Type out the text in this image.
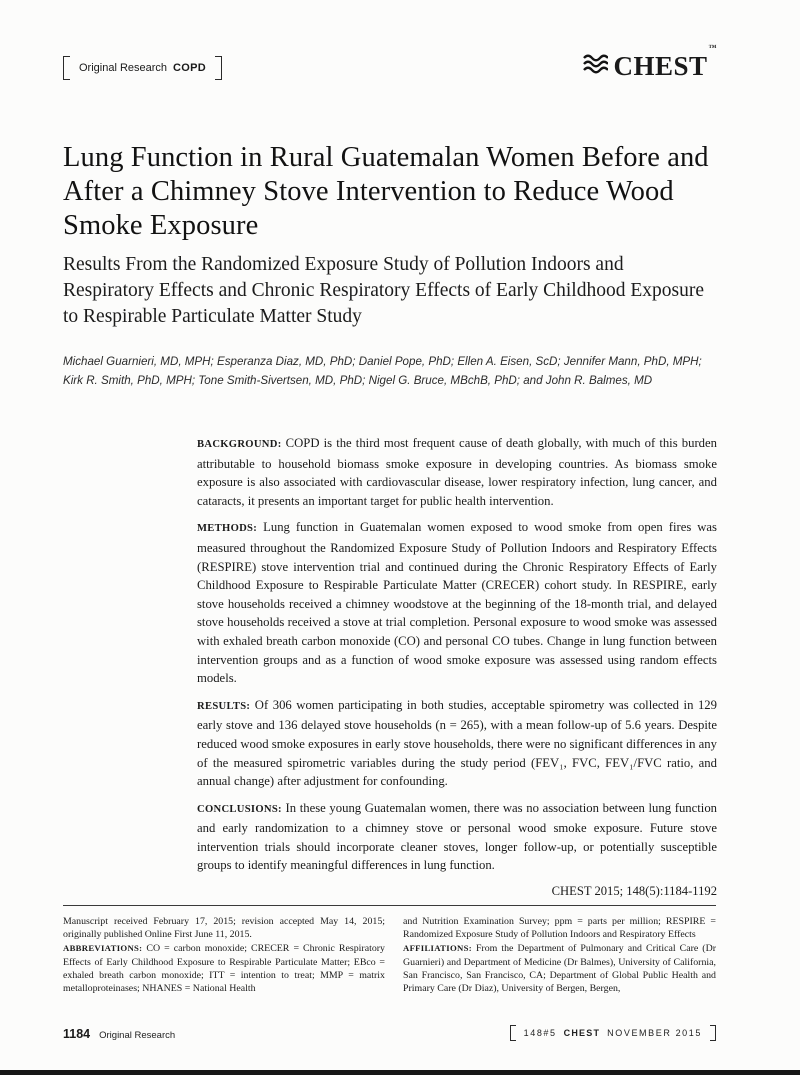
Original Research COPD	CHEST™
Lung Function in Rural Guatemalan Women Before and After a Chimney Stove Intervention to Reduce Wood Smoke Exposure
Results From the Randomized Exposure Study of Pollution Indoors and Respiratory Effects and Chronic Respiratory Effects of Early Childhood Exposure to Respirable Particulate Matter Study
Michael Guarnieri, MD, MPH; Esperanza Diaz, MD, PhD; Daniel Pope, PhD; Ellen A. Eisen, ScD; Jennifer Mann, PhD, MPH; Kirk R. Smith, PhD, MPH; Tone Smith-Sivertsen, MD, PhD; Nigel G. Bruce, MBchB, PhD; and John R. Balmes, MD

BACKGROUND: COPD is the third most frequent cause of death globally, with much of this burden attributable to household biomass smoke exposure in developing countries. As biomass smoke exposure is also associated with cardiovascular disease, lower respiratory infection, lung cancer, and cataracts, it presents an important target for public health intervention.

METHODS: Lung function in Guatemalan women exposed to wood smoke from open fires was measured throughout the Randomized Exposure Study of Pollution Indoors and Respiratory Effects (RESPIRE) stove intervention trial and continued during the Chronic Respiratory Effects of Early Childhood Exposure to Respirable Particulate Matter (CRECER) cohort study. In RESPIRE, early stove households received a chimney woodstove at the beginning of the 18-month trial, and delayed stove households received a stove at trial completion. Personal exposure to wood smoke was assessed with exhaled breath carbon monoxide (CO) and personal CO tubes. Change in lung function between intervention groups and as a function of wood smoke exposure was assessed using random effects models.

RESULTS: Of 306 women participating in both studies, acceptable spirometry was collected in 129 early stove and 136 delayed stove households (n = 265), with a mean follow-up of 5.6 years. Despite reduced wood smoke exposures in early stove households, there were no significant differences in any of the measured spirometric variables during the study period (FEV₁, FVC, FEV₁/FVC ratio, and annual change) after adjustment for confounding.

CONCLUSIONS: In these young Guatemalan women, there was no association between lung function and early randomization to a chimney stove or personal wood smoke exposure. Future stove intervention trials should incorporate cleaner stoves, longer follow-up, or potentially susceptible groups to identify meaningful differences in lung function.

CHEST 2015; 148(5):1184-1192

Manuscript received February 17, 2015; revision accepted May 14, 2015; originally published Online First June 11, 2015.

ABBREVIATIONS: CO = carbon monoxide; CRECER = Chronic Respiratory Effects of Early Childhood Exposure to Respirable Particulate Matter; EBco = exhaled breath carbon monoxide; ITT = intention to treat; MMP = matrix metalloproteinases; NHANES = National Health

and Nutrition Examination Survey; ppm = parts per million; RESPIRE = Randomized Exposure Study of Pollution Indoors and Respiratory Effects

AFFILIATIONS: From the Department of Pulmonary and Critical Care (Dr Guarnieri) and Department of Medicine (Dr Balmes), University of California, San Francisco, San Francisco, CA; Department of Global Public Health and Primary Care (Dr Diaz), University of Bergen, Bergen,

1184 Original Research	148#5 CHEST NOVEMBER 2015
